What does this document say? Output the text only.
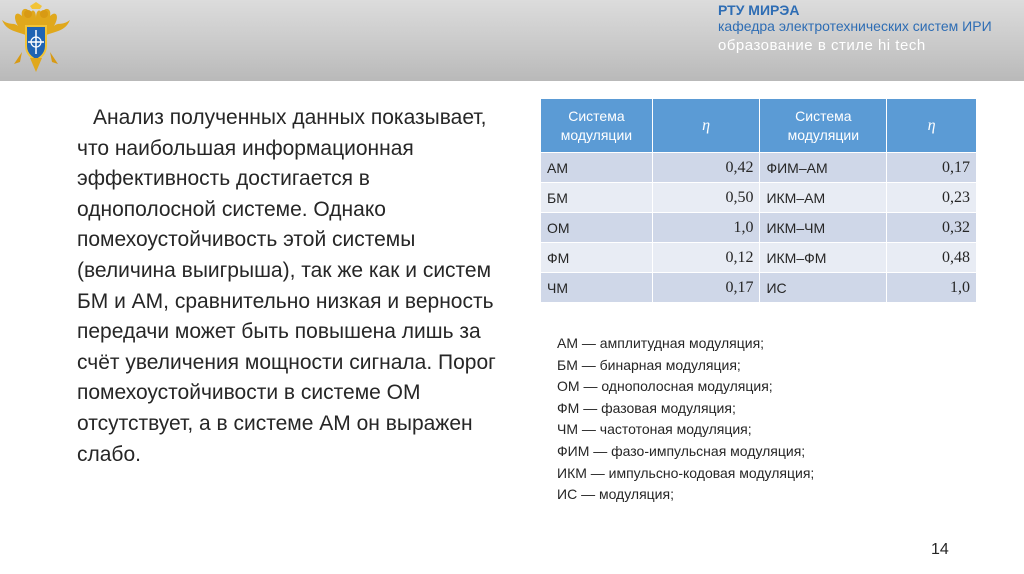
РТУ МИРЭА
кафедра электротехнических систем ИРИ
образование в стиле hi tech
Анализ полученных данных показывает, что наибольшая информационная эффективность достигается в однополосной системе. Однако помехоустойчивость этой системы (величина выигрыша), так же как и систем БМ и АМ, сравнительно низкая и верность передачи может быть повышена лишь за счёт увеличения мощности сигнала. Порог помехоустойчивости в системе ОМ отсутствует, а в системе АМ он выражен слабо.
Система модуляции	η	Система модуляции	η
АМ	0,42	ФИМ–АМ	0,17
БМ	0,50	ИКМ–АМ	0,23
ОМ	1,0	ИКМ–ЧМ	0,32
ФМ	0,12	ИКМ–ФМ	0,48
ЧМ	0,17	ИС	1,0
АМ — амплитудная модуляция;
БМ — бинарная модуляция;
ОМ — однополосная модуляция;
ФМ — фазовая модуляция;
ЧМ — частотоная модуляция;
ФИМ — фазо-импульсная модуляция;
ИКМ — импульсно-кодовая модуляция;
ИС — модуляция;
14
